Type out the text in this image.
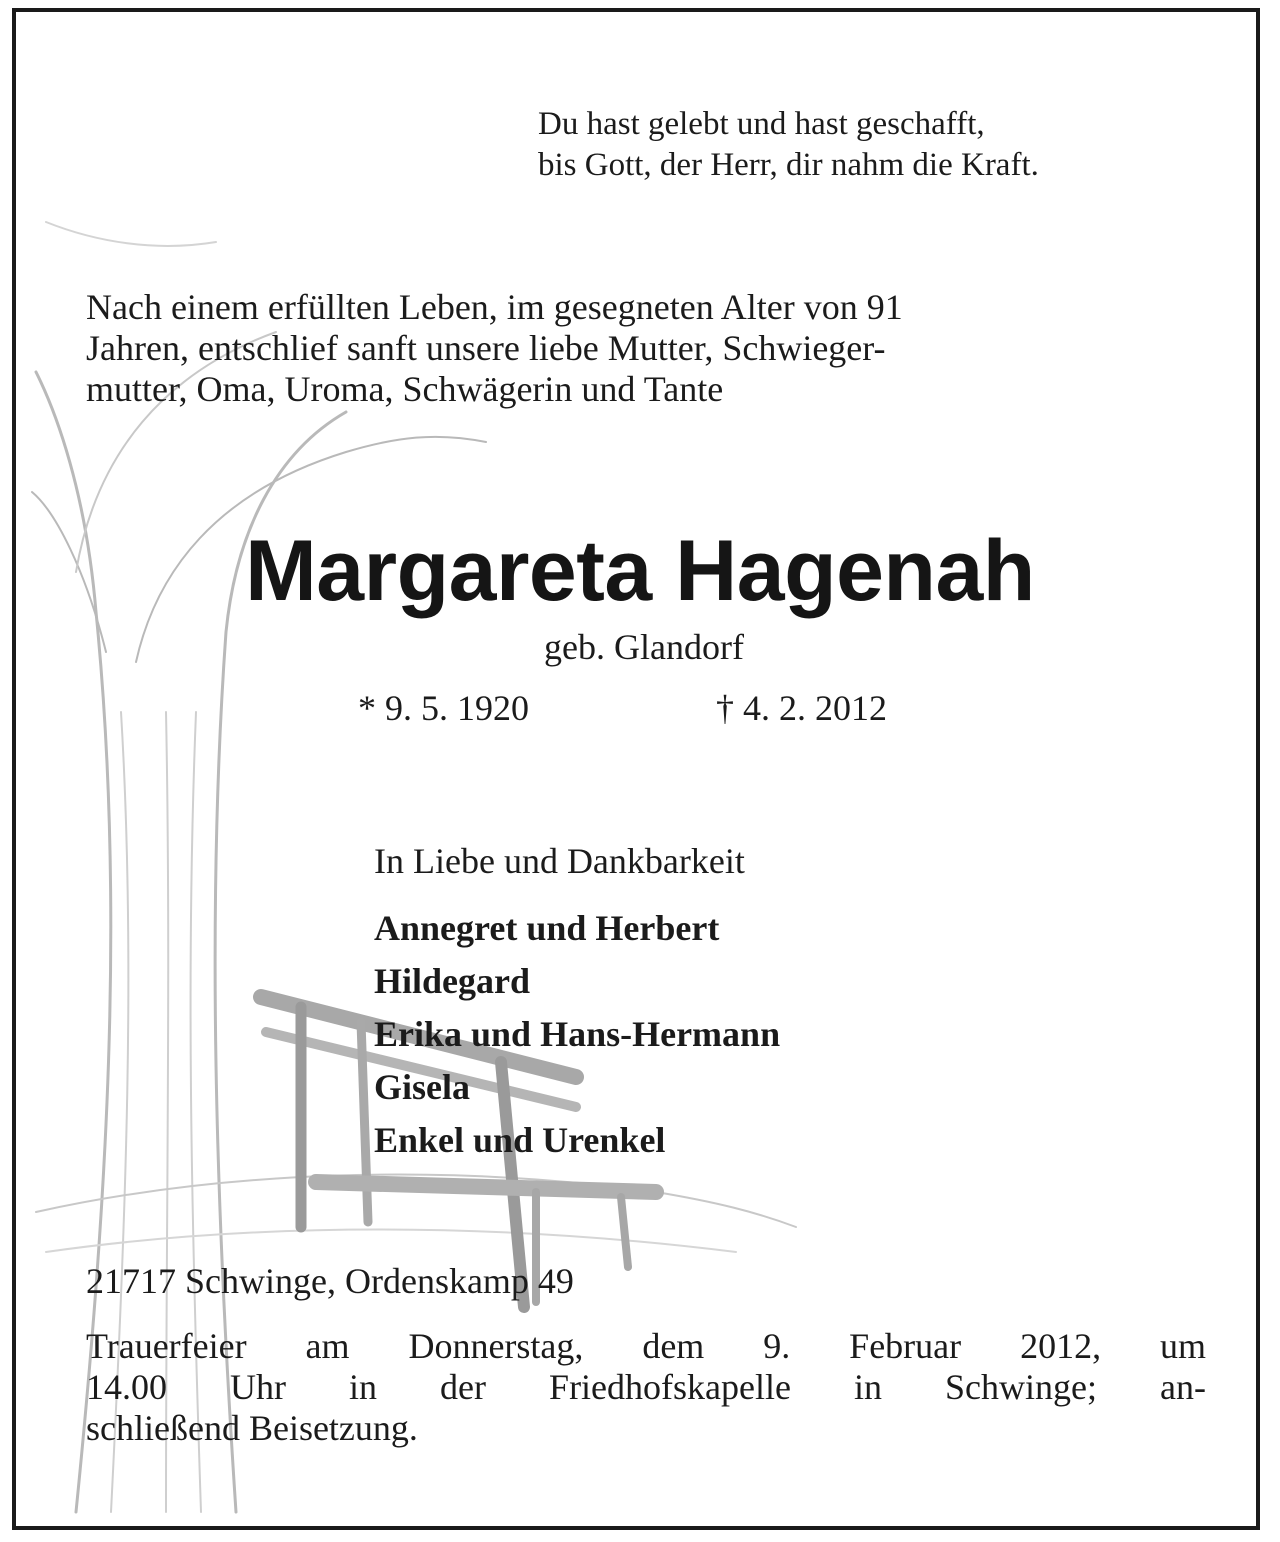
Du hast gelebt und hast geschafft,
bis Gott, der Herr, dir nahm die Kraft.
Nach einem erfüllten Leben, im gesegneten Alter von 91
Jahren, entschlief sanft unsere liebe Mutter, Schwieger-
mutter, Oma, Uroma, Schwägerin und Tante
Margareta Hagenah
geb. Glandorf
* 9. 5. 1920	† 4. 2. 2012
In Liebe und Dankbarkeit
Annegret und Herbert
Hildegard
Erika und Hans-Hermann
Gisela
Enkel und Urenkel
21717 Schwinge, Ordenskamp 49
Trauerfeier am Donnerstag, dem 9. Februar 2012, um
14.00 Uhr in der Friedhofskapelle in Schwinge; an-
schließend Beisetzung.
